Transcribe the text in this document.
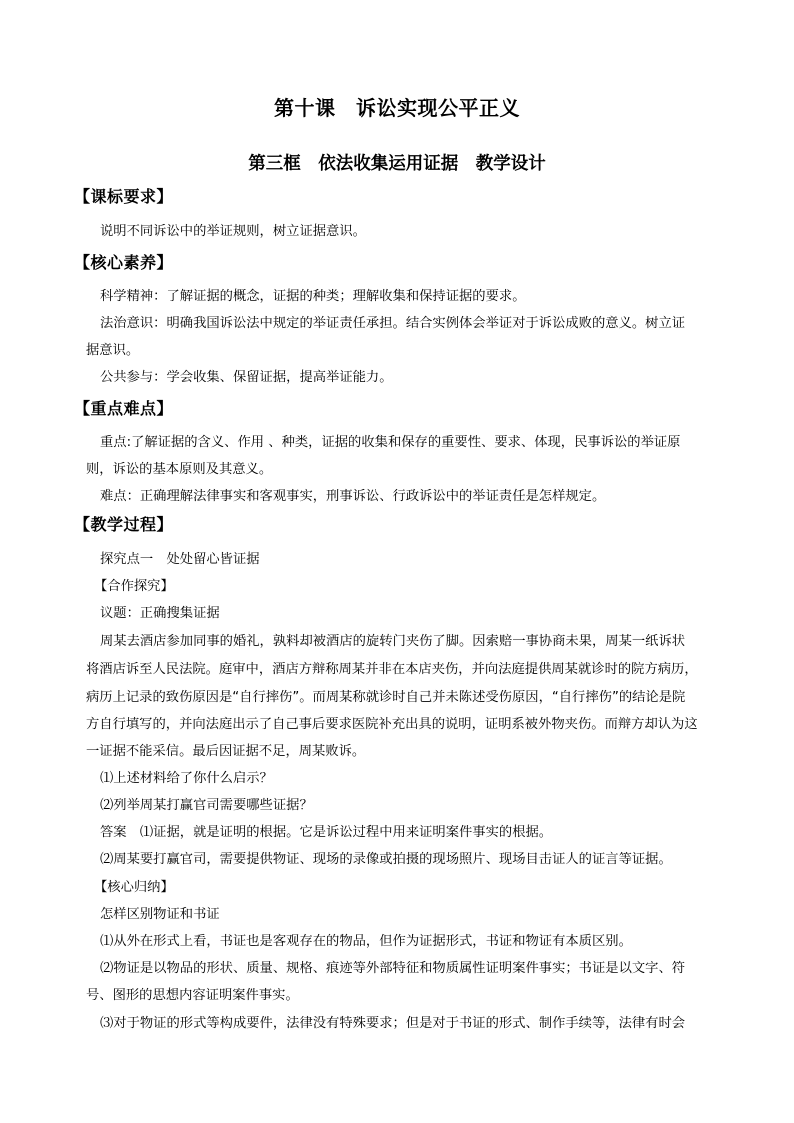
第十课　诉讼实现公平正义
第三框　依法收集运用证据　教学设计
【课标要求】
说明不同诉讼中的举证规则，树立证据意识。
【核心素养】
科学精神：了解证据的概念，证据的种类；理解收集和保持证据的要求。
法治意识：明确我国诉讼法中规定的举证责任承担。结合实例体会举证对于诉讼成败的意义。树立证
据意识。
公共参与：学会收集、保留证据，提高举证能力。
【重点难点】
重点:了解证据的含义、作用 、种类，证据的收集和保存的重要性、要求、体现，民事诉讼的举证原
则，诉讼的基本原则及其意义。
难点：正确理解法律事实和客观事实，刑事诉讼、行政诉讼中的举证责任是怎样规定。
【教学过程】
探究点一　处处留心皆证据
【合作探究】
议题：正确搜集证据
周某去酒店参加同事的婚礼，孰料却被酒店的旋转门夹伤了脚。因索赔一事协商未果，周某一纸诉状
将酒店诉至人民法院。庭审中，酒店方辩称周某并非在本店夹伤，并向法庭提供周某就诊时的院方病历，
病历上记录的致伤原因是“自行摔伤”。而周某称就诊时自己并未陈述受伤原因，“自行摔伤”的结论是院
方自行填写的，并向法庭出示了自己事后要求医院补充出具的说明，证明系被外物夹伤。而辩方却认为这
一证据不能采信。最后因证据不足，周某败诉。
⑴上述材料给了你什么启示？
⑵列举周某打赢官司需要哪些证据？
答案　⑴证据，就是证明的根据。它是诉讼过程中用来证明案件事实的根据。
⑵周某要打赢官司，需要提供物证、现场的录像或拍摄的现场照片、现场目击证人的证言等证据。
【核心归纳】
怎样区别物证和书证
⑴从外在形式上看，书证也是客观存在的物品，但作为证据形式，书证和物证有本质区别。
⑵物证是以物品的形状、质量、规格、痕迹等外部特征和物质属性证明案件事实；书证是以文字、符
号、图形的思想内容证明案件事实。
⑶对于物证的形式等构成要件，法律没有特殊要求；但是对于书证的形式、制作手续等，法律有时会
